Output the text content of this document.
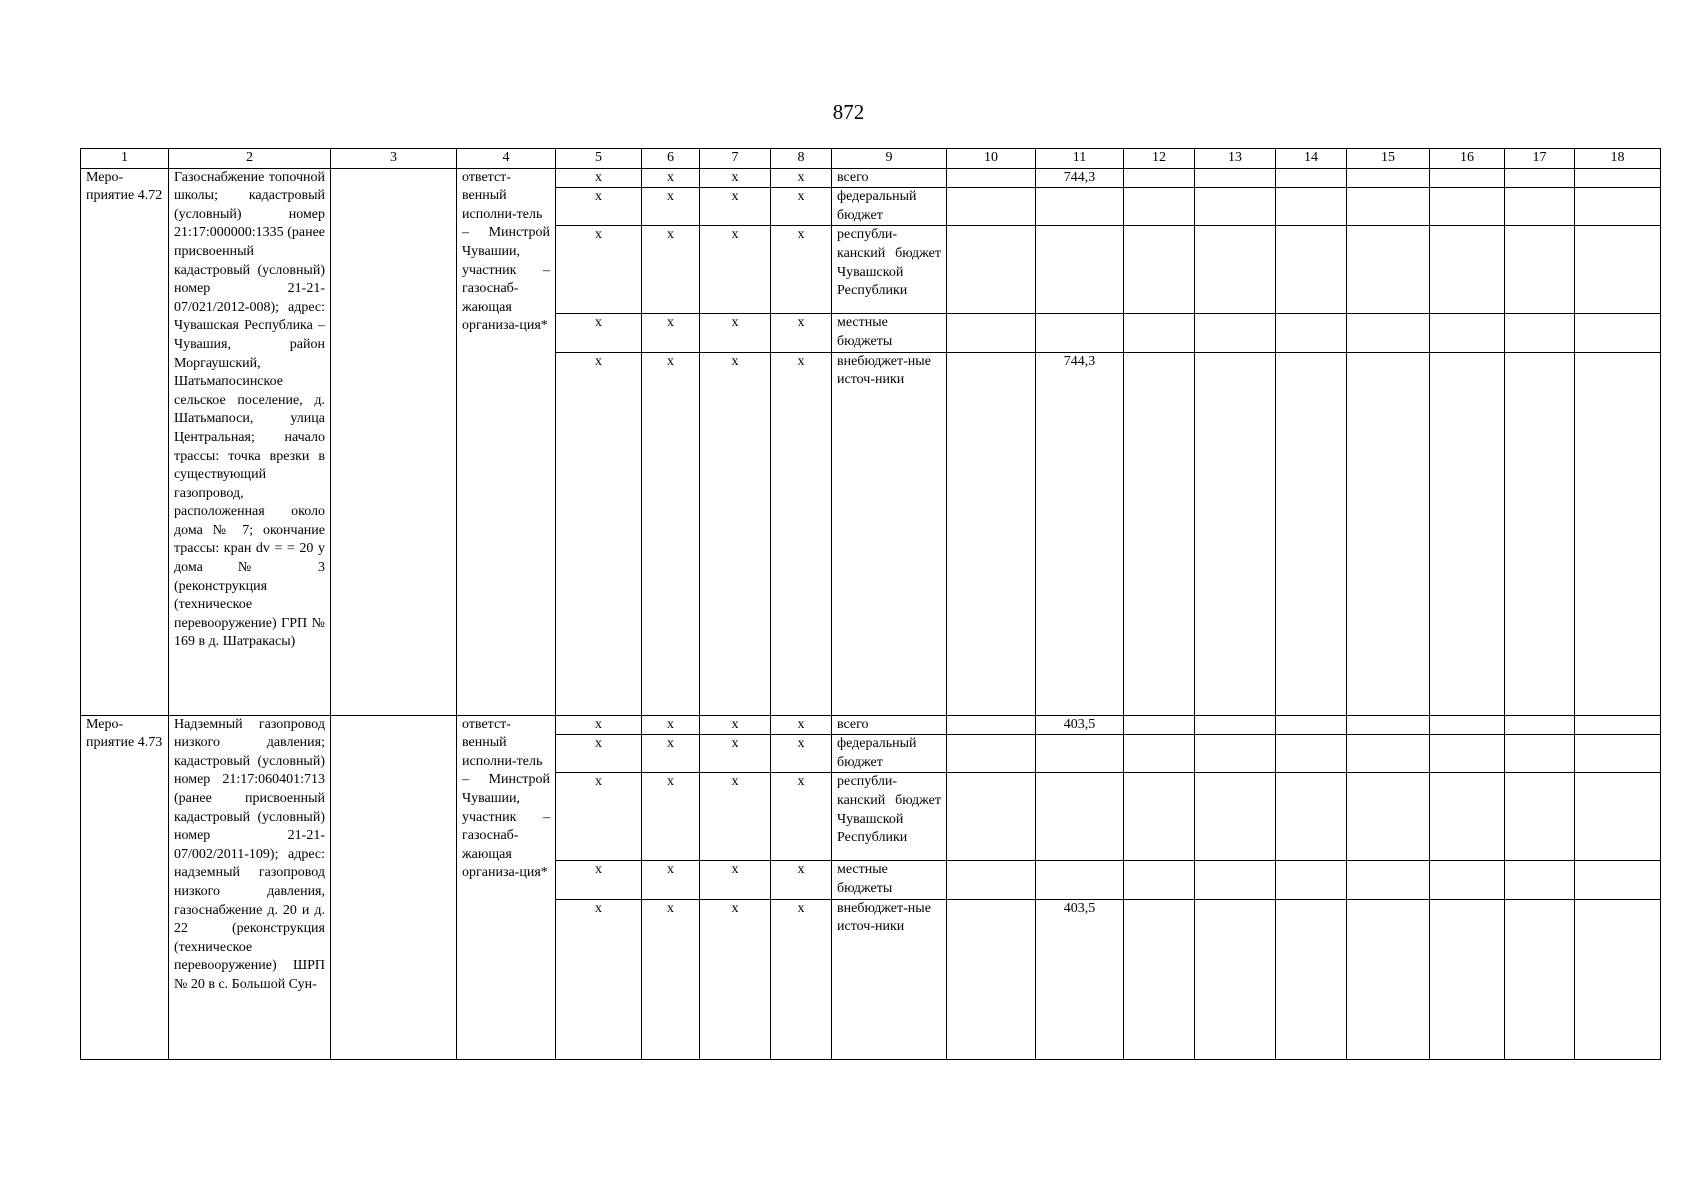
872
1	2	3	4	5	6	7	8	9	10	11	12	13	14	15	16	17	18
Меро-приятие 4.72	Газоснабжение топочной школы; кадастровый (условный) номер 21:17:000000:1335 (ранее присвоенный кадастровый (условный) номер 21-21-07/021/2012-008); адрес: Чувашская Республика – Чувашия, район Моргаушский, Шатьмапосинское сельское поселение, д. Шатьмапоси, улица Центральная; начало трассы: точка врезки в существующий газопровод, расположенная около дома № 7; окончание трассы: кран dv = = 20 у дома № 3 (реконструкция (техническое перевооружение) ГРП № 169 в д. Шатракасы)		ответст-венный исполни-тель – Минстрой Чувашии, участник – газоснаб-жающая организа-ция*	x	x	x	x	всего		744,3							
				x	x	x	x	федеральный бюджет									
				x	x	x	x	республи-канский бюджет Чувашской Республики									
				x	x	x	x	местные бюджеты									
				x	x	x	x	внебюджет-ные источ-ники		744,3							
Меро-приятие 4.73	Надземный газопровод низкого давления; кадастровый (условный) номер 21:17:060401:713 (ранее присвоенный кадастровый (условный) номер 21-21-07/002/2011-109); адрес: надземный газопровод низкого давления, газоснабжение д. 20 и д. 22 (реконструкция (техническое перевооружение) ШРП № 20 в с. Большой Сун-		ответст-венный исполни-тель – Минстрой Чувашии, участник – газоснаб-жающая организа-ция*	x	x	x	x	всего		403,5							
				x	x	x	x	федеральный бюджет									
				x	x	x	x	республи-канский бюджет Чувашской Республики									
				x	x	x	x	местные бюджеты									
				x	x	x	x	внебюджет-ные источ-ники		403,5							
